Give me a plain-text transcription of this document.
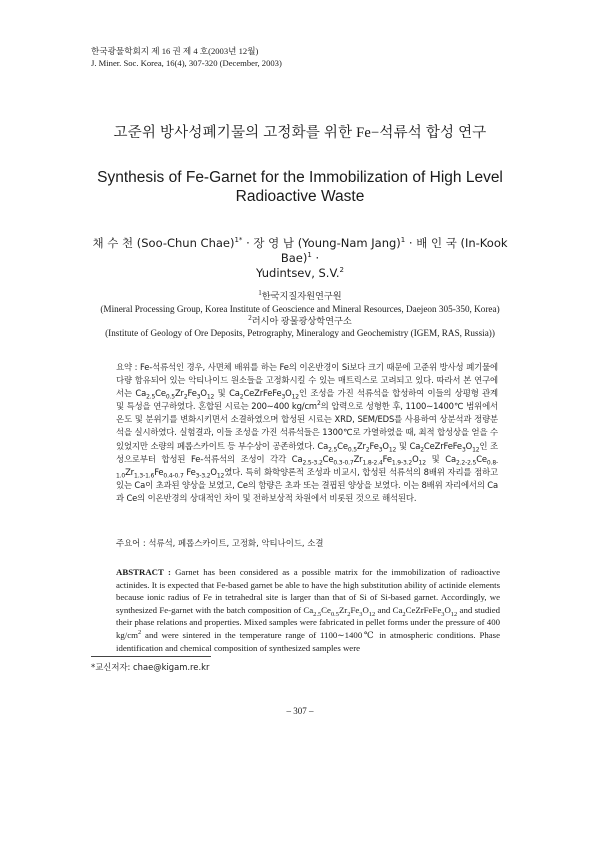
한국광물학회지 제 16 권 제 4 호(2003년 12월)
J. Miner. Soc. Korea, 16(4), 307-320 (December, 2003)
고준위 방사성폐기물의 고정화를 위한 Fe−석류석 합성 연구
Synthesis of Fe-Garnet for the Immobilization of High Level Radioactive Waste
채 수 천 (Soo-Chun Chae)$^{1*}$ · 장 영 남 (Young-Nam Jang)$^1$ · 배 인 국 (In-Kook Bae)$^1$ ·
Yudintsev, S.V.$^2$
$^1$한국지질자원연구원
(Mineral Processing Group, Korea Institute of Geoscience and Mineral Resources, Daejeon 305-350, Korea)
$^2$러시아 광물광상학연구소
(Institute of Geology of Ore Deposits, Petrography, Mineralogy and Geochemistry (IGEM, RAS, Russia))
요약 : Fe-석류석인 경우, 사면체 배위를 하는 Fe의 이온반경이 Si보다 크기 때문에 고준위 방사성 폐기물에 다량 함유되어 있는 악티나이드 원소들을 고정화시킬 수 있는 매트릭스로 고려되고 있다. 따라서 본 연구에서는 $Ca_{2.5}Ce_{0.5}Zr_2Fe_3O_{12}$ 및 $Ca_2CeZrFeFe_3O_{12}$인 조성을 가진 석류석을 합성하여 이들의 상평형 관계 및 특성을 연구하였다. 혼합된 시료는 200∼400 $kg/cm^2$의 압력으로 성형한 후, 1100∼1400℃ 범위에서 온도 및 분위기를 변화시키면서 소결하였으며 합성된 시료는 XRD, SEM/EDS를 사용하여 상분석과 정량분석을 실시하였다. 실험결과, 이들 조성을 가진 석류석들은 1300℃로 가열하였을 때, 최적 합성상을 얻을 수 있었지만 소량의 페롭스카이트 등 부수상이 공존하였다. $Ca_{2.5}Ce_{0.5}Zr_2Fe_3O_{12}$ 및 $Ca_2CeZrFeFe_3O_{12}$인 조성으로부터 합성된 Fe-석류석의 조성이 각각 $Ca_{2.5-3.2}Ce_{0.3-0.7}Zr_{1.8-2.4}Fe_{1.9-3.2}O_{12}$ 및 $Ca_{2.2-2.5}Ce_{0.8-1.0}Zr_{1.3-1.6}Fe_{0.4-0.7}$ $Fe_{3-3.2}O_{12}$였다. 특히 화학양론적 조성과 비교시, 합성된 석류석의 8배위 자리를 점하고 있는 Ca이 초과된 양상을 보였고, Ce의 함량은 초과 또는 결핍된 양상을 보였다. 이는 8배위 자리에서의 Ca과 Ce의 이온반경의 상대적인 차이 및 전하보상적 차원에서 비롯된 것으로 해석된다.
주요어 : 석류석, 페롭스카이트, 고정화, 악티나이드, 소결
ABSTRACT : Garnet has been considered as a possible matrix for the immobilization of radioactive actinides. It is expected that Fe-based garnet be able to have the high substitution ability of actinide elements because ionic radius of Fe in tetrahedral site is larger than that of Si of Si-based garnet. Accordingly, we synthesized Fe-garnet with the batch composition of $Ca_{2.5}Ce_{0.5}Zr_2Fe_3O_{12}$ and $Ca_2CeZrFeFe_3O_{12}$ and studied their phase relations and properties. Mixed samples were fabricated in pellet forms under the pressure of 400 $kg/cm^2$ and were sintered in the temperature range of 1100∼1400℃ in atmospheric conditions. Phase identification and chemical composition of synthesized samples were
*교신저자: chae@kigam.re.kr
– 307 –
